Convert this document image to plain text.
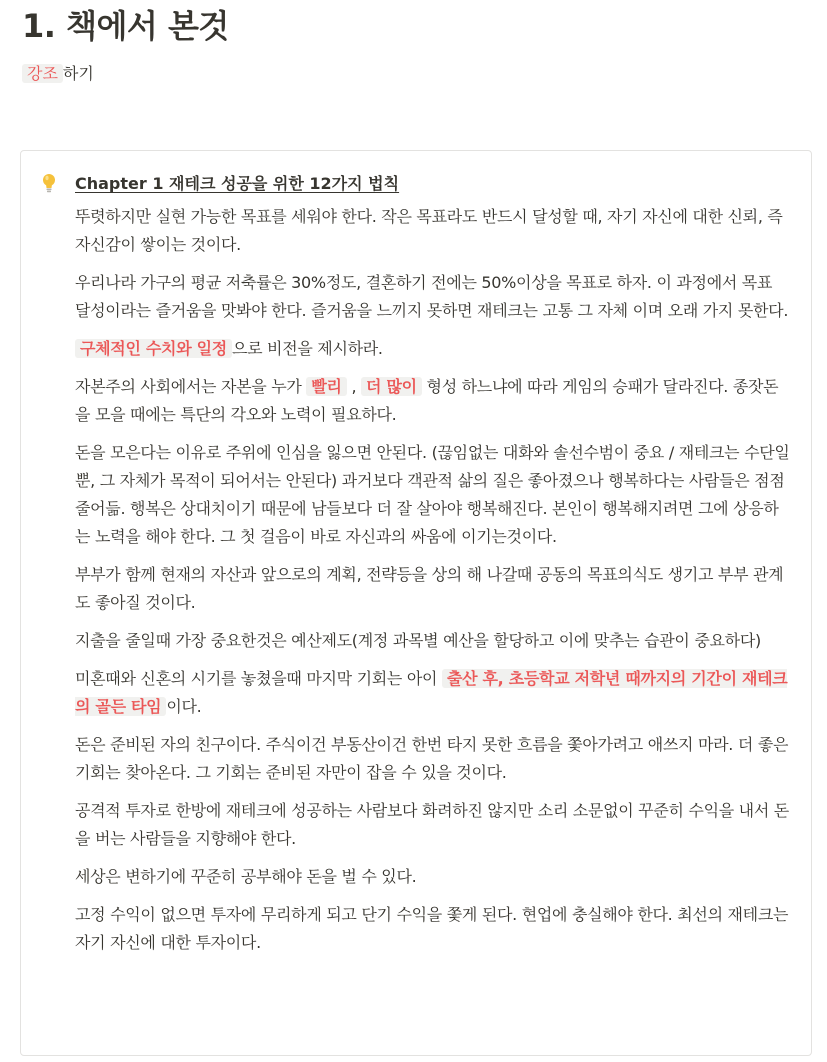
1. 책에서 본것
강조 하기
Chapter 1 재테크 성공을 위한 12가지 법칙

뚜렷하지만 실현 가능한 목표를 세워야 한다. 작은 목표라도 반드시 달성할 때, 자기 자신에 대한 신뢰, 즉 자신감이 쌓이는 것이다.

우리나라 가구의 평균 저축률은 30%정도, 결혼하기 전에는 50%이상을 목표로 하자. 이 과정에서 목표 달성이라는 즐거움을 맛봐야 한다. 즐거움을 느끼지 못하면 재테크는 고통 그 자체 이며 오래 가지 못한다.

구체적인 수치와 일정 으로 비전을 제시하라.

자본주의 사회에서는 자본을 누가 빨리 , 더 많이 형성 하느냐에 따라 게임의 승패가 달라진다. 종잣돈을 모을 때에는 특단의 각오와 노력이 필요하다.

돈을 모은다는 이유로 주위에 인심을 잃으면 안된다. (끊임없는 대화와 솔선수범이 중요 / 재테크는 수단일 뿐, 그 자체가 목적이 되어서는 안된다) 과거보다 객관적 삶의 질은 좋아졌으나 행복하다는 사람들은 점점 줄어듦. 행복은 상대치이기 때문에 남들보다 더 잘 살아야 행복해진다. 본인이 행복해지려면 그에 상응하는 노력을 해야 한다. 그 첫 걸음이 바로 자신과의 싸움에 이기는것이다.

부부가 함께 현재의 자산과 앞으로의 계획, 전략등을 상의 해 나갈때 공동의 목표의식도 생기고 부부 관계도 좋아질 것이다.

지출을 줄일때 가장 중요한것은 예산제도(계정 과목별 예산을 할당하고 이에 맞추는 습관이 중요하다)

미혼때와 신혼의 시기를 놓쳤을때 마지막 기회는 아이 출산 후, 초등학교 저학년 때까지의 기간이 재테크의 골든 타임 이다.

돈은 준비된 자의 친구이다. 주식이건 부동산이건 한번 타지 못한 흐름을 쫓아가려고 애쓰지 마라. 더 좋은 기회는 찾아온다. 그 기회는 준비된 자만이 잡을 수 있을 것이다.

공격적 투자로 한방에 재테크에 성공하는 사람보다 화려하진 않지만 소리 소문없이 꾸준히 수익을 내서 돈을 버는 사람들을 지향해야 한다.

세상은 변하기에 꾸준히 공부해야 돈을 벌 수 있다.

고정 수익이 없으면 투자에 무리하게 되고 단기 수익을 쫓게 된다. 현업에 충실해야 한다. 최선의 재테크는 자기 자신에 대한 투자이다.
